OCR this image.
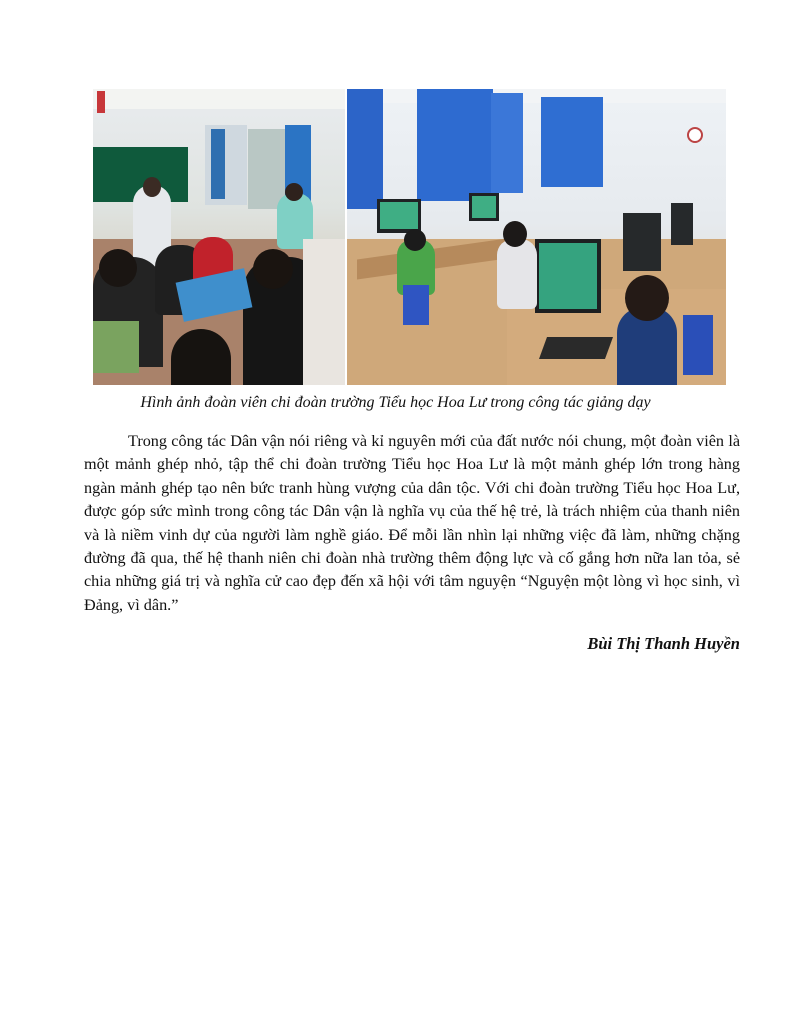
Hình ảnh đoàn viên chi đoàn trường Tiểu học Hoa Lư trong công tác giảng dạy

Trong công tác Dân vận nói riêng và kỉ nguyên mới của đất nước nói chung, một đoàn viên là một mảnh ghép nhỏ, tập thể chi đoàn trường Tiểu học Hoa Lư là một mảnh ghép lớn trong hàng ngàn mảnh ghép tạo nên bức tranh hùng vượng của dân tộc. Với chi đoàn trường Tiểu học Hoa Lư, được góp sức mình trong công tác Dân vận là nghĩa vụ của thế hệ trẻ, là trách nhiệm của thanh niên và là niềm vinh dự của người làm nghề giáo. Để mỗi lần nhìn lại những việc đã làm, những chặng đường đã qua, thế hệ thanh niên chi đoàn nhà trường thêm động lực và cố gắng hơn nữa lan tỏa, sẻ chia những giá trị và nghĩa cử cao đẹp đến xã hội với tâm nguyện “Nguyện một lòng vì học sinh, vì Đảng, vì dân.”

Bùi Thị Thanh Huyền
